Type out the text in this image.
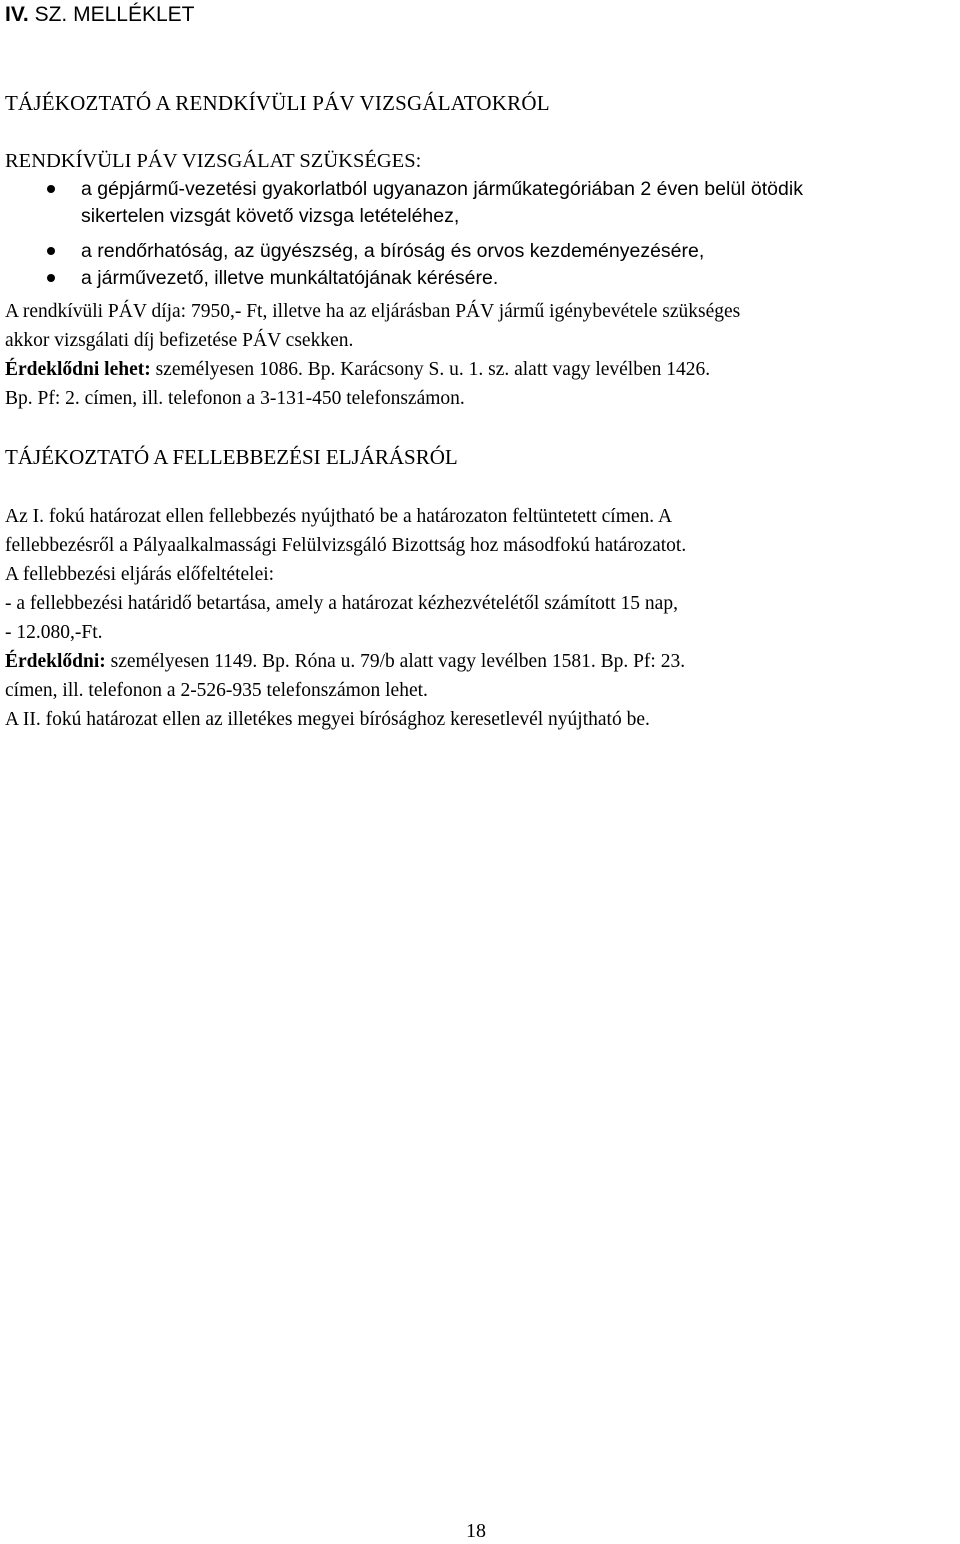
IV. SZ. MELLÉKLET
TÁJÉKOZTATÓ A RENDKÍVÜLI PÁV VIZSGÁLATOKRÓL
RENDKÍVÜLI PÁV VIZSGÁLAT SZÜKSÉGES:
a gépjármű-vezetési gyakorlatból ugyanazon járműkategóriában 2 éven belül ötödik
sikertelen vizsgát követő vizsga letételéhez,
a rendőrhatóság, az ügyészség, a bíróság és orvos kezdeményezésére,
a járművezető, illetve munkáltatójának kérésére.
A rendkívüli PÁV díja: 7950,- Ft, illetve ha az eljárásban PÁV jármű igénybevétele szükséges
akkor vizsgálati díj befizetése PÁV csekken.
Érdeklődni lehet: személyesen 1086. Bp. Karácsony S. u. 1. sz. alatt vagy levélben 1426.
Bp. Pf: 2. címen, ill. telefonon a 3-131-450 telefonszámon.
TÁJÉKOZTATÓ A FELLEBBEZÉSI ELJÁRÁSRÓL
Az I. fokú határozat ellen fellebbezés nyújtható be a határozaton feltüntetett címen. A
fellebbezésről a Pályaalkalmassági Felülvizsgáló Bizottság hoz másodfokú határozatot.
A fellebbezési eljárás előfeltételei:
- a fellebbezési határidő betartása, amely a határozat kézhezvételétől számított 15 nap,
- 12.080,-Ft.
Érdeklődni: személyesen 1149. Bp. Róna u. 79/b alatt vagy levélben 1581. Bp. Pf: 23.
címen, ill. telefonon a 2-526-935 telefonszámon lehet.
A II. fokú határozat ellen az illetékes megyei bírósághoz keresetlevél nyújtható be.
18
